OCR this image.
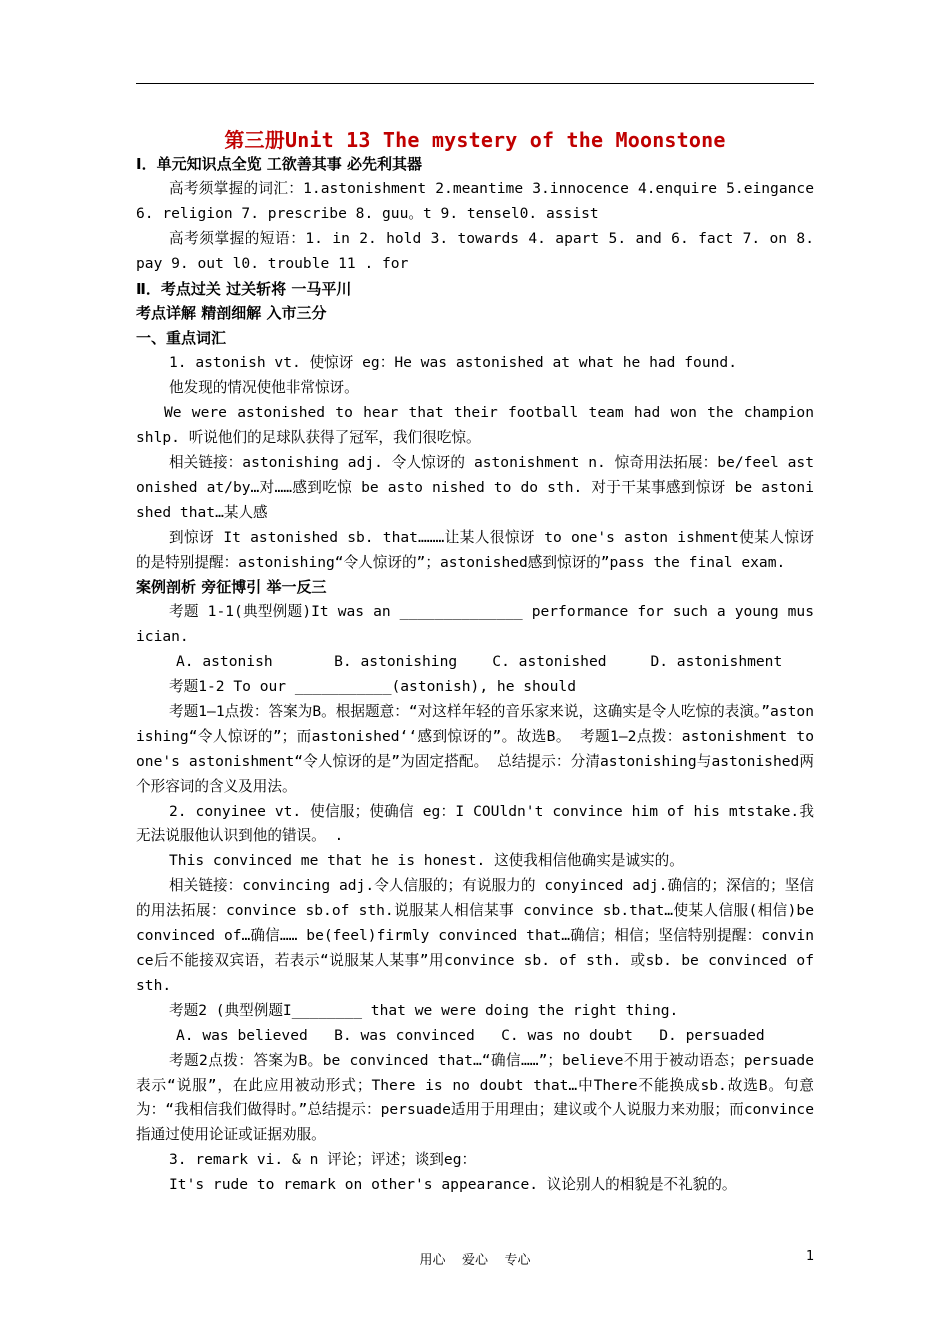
第三册Unit 13 The mystery of the Moonstone

I．单元知识点全览 工欲善其事 必先利其器

高考须掌握的词汇：1.astonishment 2.meantime 3.innocence 4.enquire 5.eingance 6. religion 7. prescribe 8. guu。t 9. tensel0. assist

高考须掌握的短语：1. in 2. hold 3. towards 4. apart 5. and 6. fact 7. on 8. pay 9. out l0. trouble 11 . for

Ⅱ．考点过关 过关斩将 一马平川

考点详解 精剖细解 入市三分

一、重点词汇

1. astonish vt. 使惊讶 eg：He was astonished at what he had found.

他发现的情况使他非常惊讶。

We were astonished to hear that their football team had won the champion shlp. 听说他们的足球队获得了冠军，我们很吃惊。

相关链接：astonishing adj. 令人惊讶的 astonishment n. 惊奇用法拓展：be/feel astonished at/by…对……感到吃惊 be asto nished to do sth. 对于干某事感到惊讶 be astonished that…某人感

到惊讶 It astonished sb. that………让某人很惊讶 to one's aston ishment使某人惊讶的是特别提醒：astonishing“令人惊讶的”；astonished感到惊讶的”pass the final exam.

案例剖析 旁征博引 举一反三

考题 1-1(典型例题)It was an ______________ performance for such a young musician.

A. astonish       B. astonishing    C. astonished     D. astonishment

考题1-2 To our ___________(astonish), he should

考题1—1点拨：答案为B。根据题意：“对这样年轻的音乐家来说，这确实是令人吃惊的表演。”astonishing“令人惊讶的”；而astonished‘‘感到惊讶的”。故选B。 考题1—2点拨：astonishment to one's astonishment“令人惊讶的是”为固定搭配。 总结提示：分清astonishing与astonished两个形容词的含义及用法。

2. conyinee vt. 使信服；使确信 eg：I COUldn't convince him of his mtstake.我无法说服他认识到他的错误。 .

This convinced me that he is honest. 这使我相信他确实是诚实的。

相关链接：convincing adj.令人信服的；有说服力的 conyinced adj.确信的；深信的；坚信的用法拓展：convince sb.of sth.说服某人相信某事 convince sb.that…使某人信服(相信)be convinced of…确信…… be(feel)firmly convinced that…确信；相信；坚信特别提醒：convince后不能接双宾语，若表示“说服某人某事”用convince sb. of sth. 或sb. be convinced of sth.

考题2 (典型例题I________ that we were doing the right thing.

A. was believed   B. was convinced   C. was no doubt   D. persuaded

考题2点拨：答案为B。be convinced that…“确信……”；believe不用于被动语态；persuade表示“说服”，在此应用被动形式；There is no doubt that…中There不能换成sb.故选B。句意为：“我相信我们做得时。”总结提示：persuade适用于用理由；建议或个人说服力来劝服；而convince指通过使用论证或证据劝服。

3. remark vi. & n 评论；评述；谈到eg：

It's rude to remark on other's appearance. 议论别人的相貌是不礼貌的。

用心    爱心    专心	1
